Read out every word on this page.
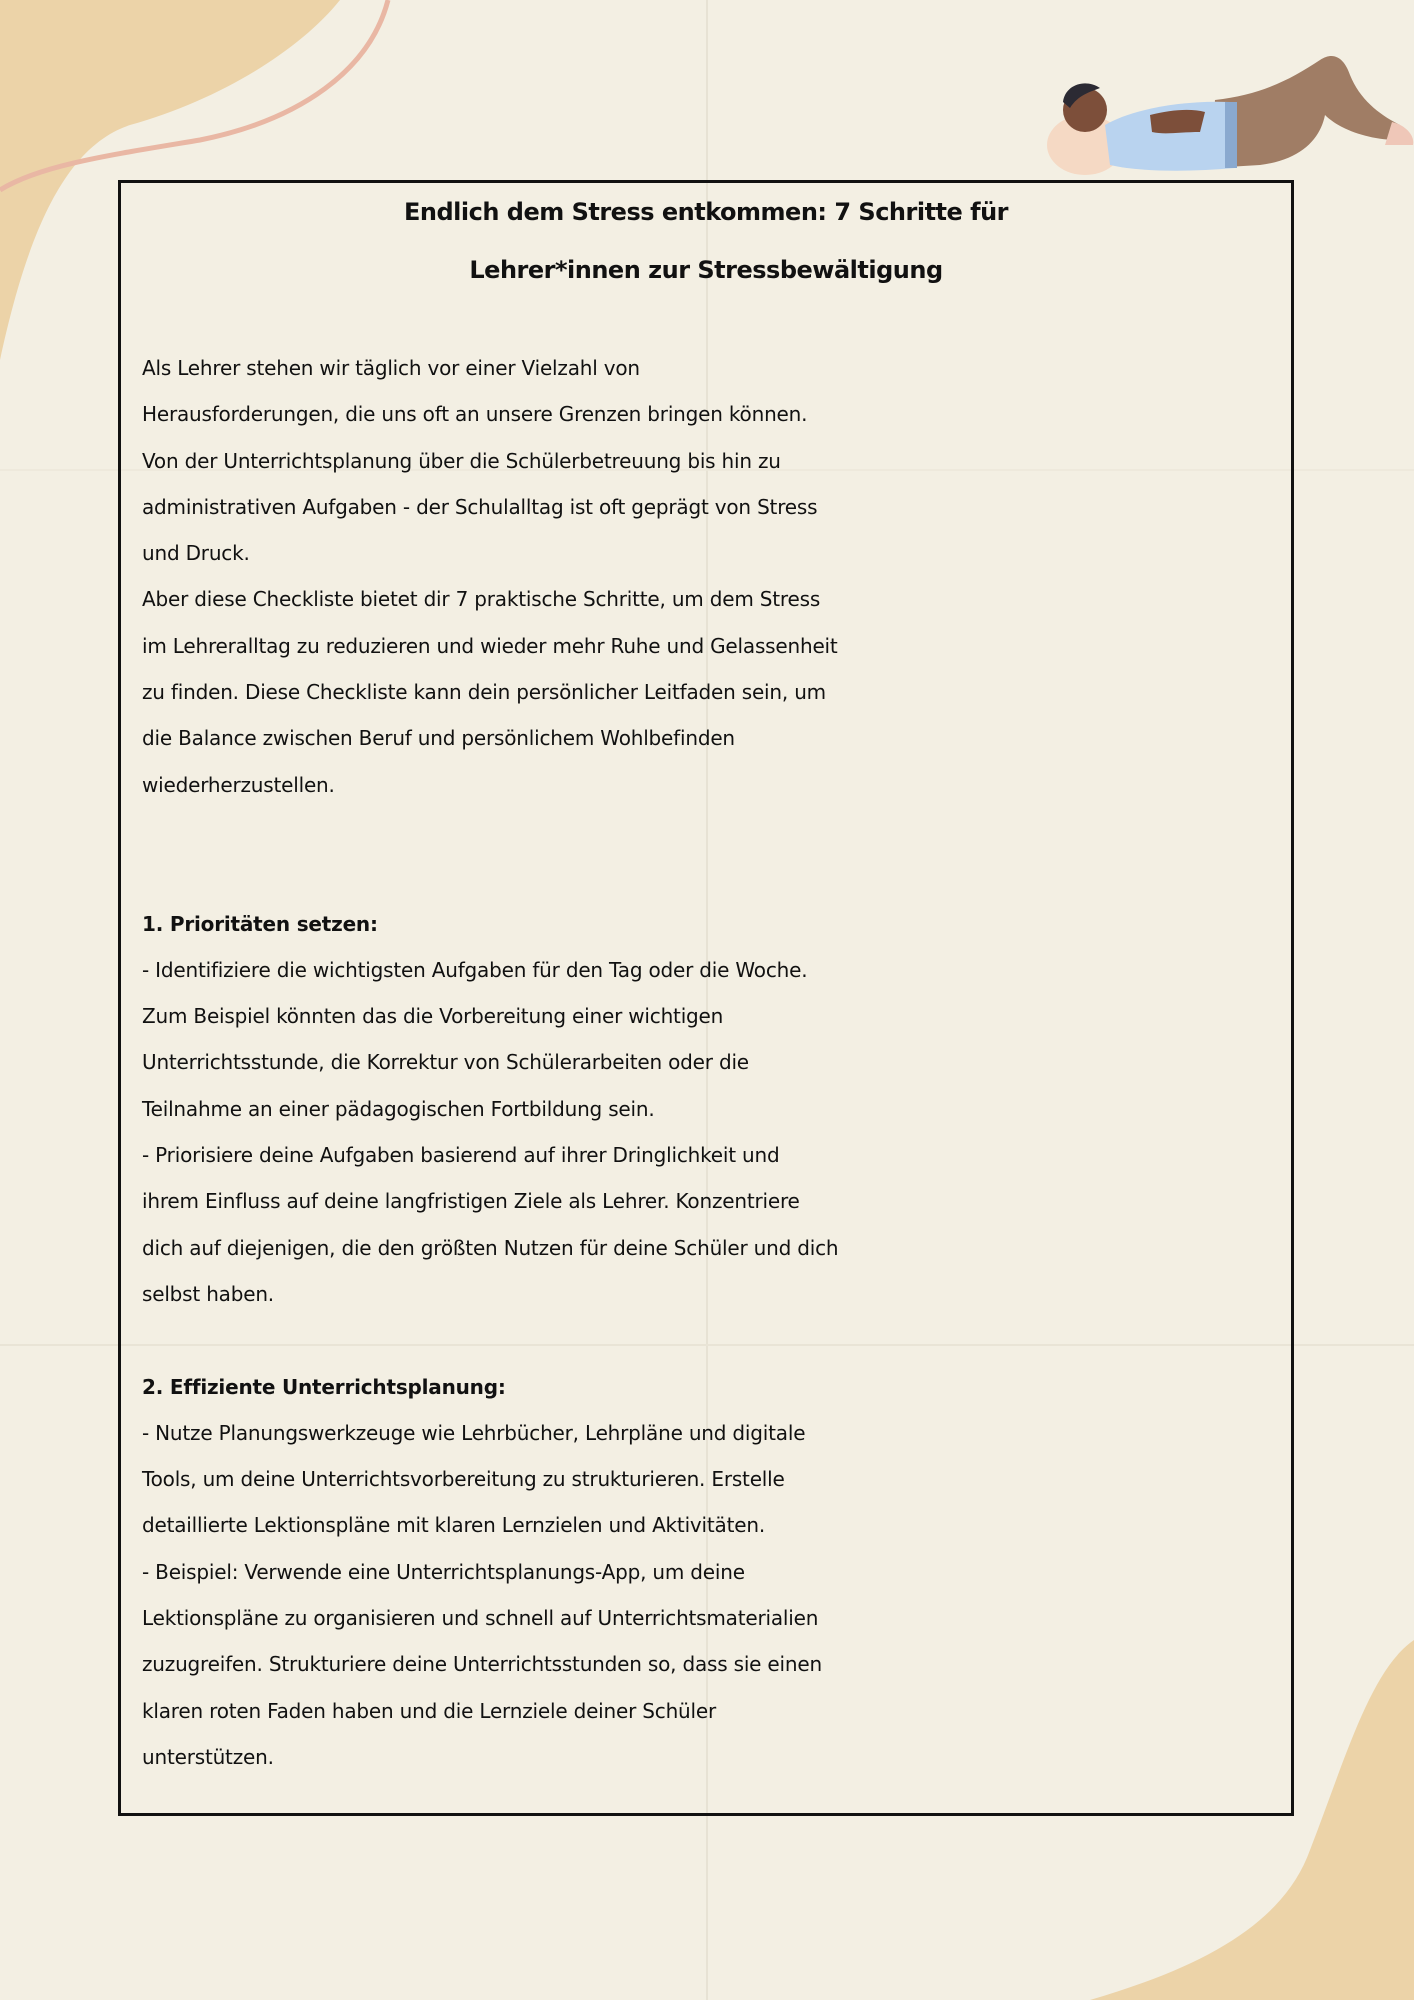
Endlich dem Stress entkommen: 7 Schritte für
Lehrer*innen zur Stressbewältigung
Als Lehrer stehen wir täglich vor einer Vielzahl von
Herausforderungen, die uns oft an unsere Grenzen bringen können.
Von der Unterrichtsplanung über die Schülerbetreuung bis hin zu
administrativen Aufgaben - der Schulalltag ist oft geprägt von Stress
und Druck.
Aber diese Checkliste bietet dir 7 praktische Schritte, um dem Stress
im Lehreralltag zu reduzieren und wieder mehr Ruhe und Gelassenheit
zu finden. Diese Checkliste kann dein persönlicher Leitfaden sein, um
die Balance zwischen Beruf und persönlichem Wohlbefinden
wiederherzustellen.
1. Prioritäten setzen:
- Identifiziere die wichtigsten Aufgaben für den Tag oder die Woche.
Zum Beispiel könnten das die Vorbereitung einer wichtigen
Unterrichtsstunde, die Korrektur von Schülerarbeiten oder die
Teilnahme an einer pädagogischen Fortbildung sein.
- Priorisiere deine Aufgaben basierend auf ihrer Dringlichkeit und
ihrem Einfluss auf deine langfristigen Ziele als Lehrer. Konzentriere
dich auf diejenigen, die den größten Nutzen für deine Schüler und dich
selbst haben.
2. Effiziente Unterrichtsplanung:
- Nutze Planungswerkzeuge wie Lehrbücher, Lehrpläne und digitale
Tools, um deine Unterrichtsvorbereitung zu strukturieren. Erstelle
detaillierte Lektionspläne mit klaren Lernzielen und Aktivitäten.
- Beispiel: Verwende eine Unterrichtsplanungs-App, um deine
Lektionspläne zu organisieren und schnell auf Unterrichtsmaterialien
zuzugreifen. Strukturiere deine Unterrichtsstunden so, dass sie einen
klaren roten Faden haben und die Lernziele deiner Schüler
unterstützen.
